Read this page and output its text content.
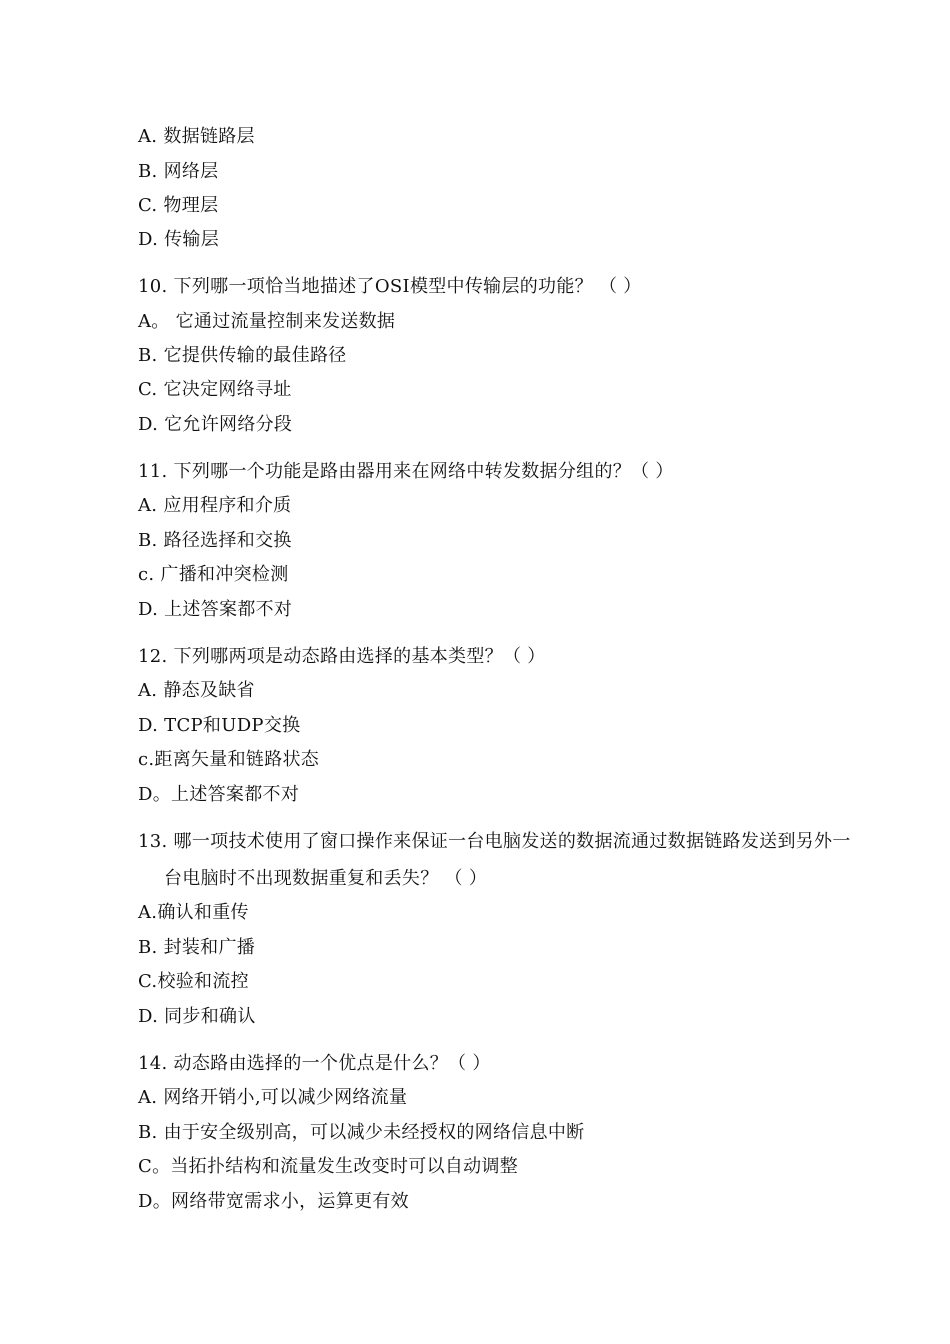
A. 数据链路层
B. 网络层
C. 物理层
D. 传输层
10. 下列哪一项恰当地描述了OSI模型中传输层的功能？ （ ）
A。 它通过流量控制来发送数据
B. 它提供传输的最佳路径
C. 它决定网络寻址
D. 它允许网络分段
11. 下列哪一个功能是路由器用来在网络中转发数据分组的？（ ）
A. 应用程序和介质
B. 路径选择和交换
c. 广播和冲突检测
D. 上述答案都不对
12. 下列哪两项是动态路由选择的基本类型？（ ）
A. 静态及缺省
D. TCP和UDP交换
c.距离矢量和链路状态
D。上述答案都不对
13. 哪一项技术使用了窗口操作来保证一台电脑发送的数据流通过数据链路发送到另外一
台电脑时不出现数据重复和丢失？ （ ）
A.确认和重传
B. 封装和广播
C.校验和流控
D. 同步和确认
14. 动态路由选择的一个优点是什么？（ ）
A. 网络开销小,可以减少网络流量
B. 由于安全级别高，可以减少未经授权的网络信息中断
C。当拓扑结构和流量发生改变时可以自动调整
D。网络带宽需求小，运算更有效
